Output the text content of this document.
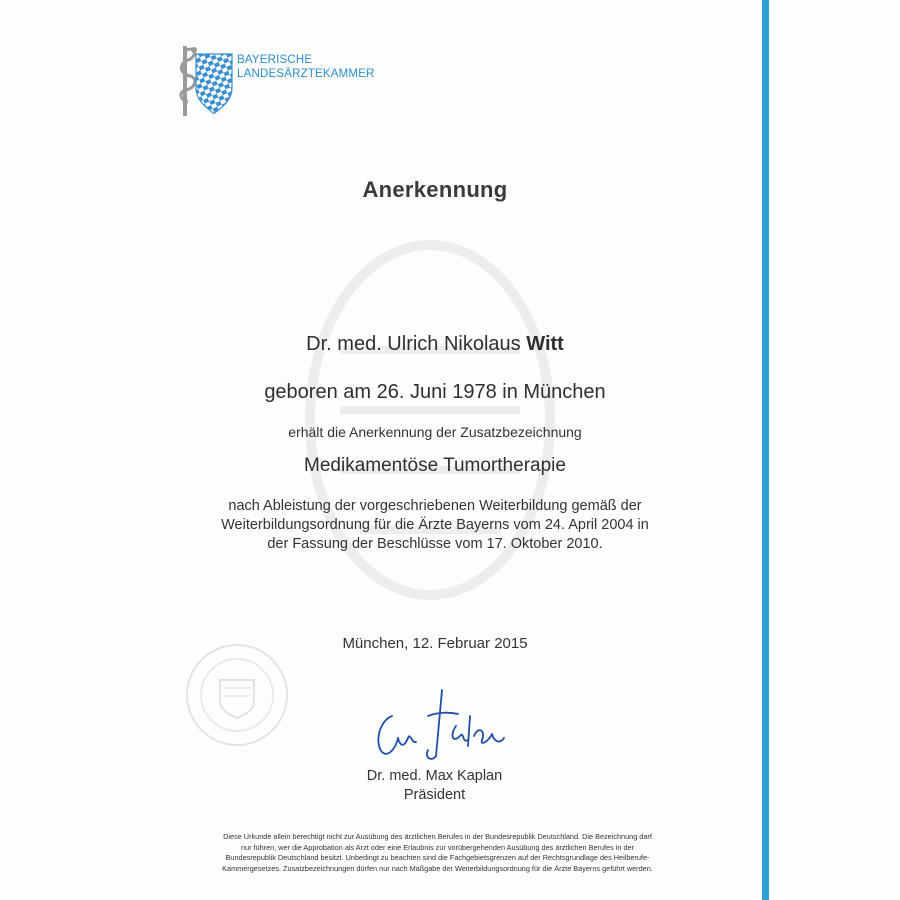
BAYERISCHE
LANDESÄRZTEKAMMER
Anerkennung
Dr. med. Ulrich Nikolaus Witt
geboren am 26. Juni 1978 in München
erhält die Anerkennung der Zusatzbezeichnung
Medikamentöse Tumortherapie
nach Ableistung der vorgeschriebenen Weiterbildung gemäß der
Weiterbildungsordnung für die Ärzte Bayerns vom 24. April 2004 in
der Fassung der Beschlüsse vom 17. Oktober 2010.
München, 12. Februar 2015
Dr. med. Max Kaplan
Präsident
Diese Urkunde allein berechtigt nicht zur Ausübung des ärztlichen Berufes in der Bundesrepublik Deutschland. Die Bezeichnung darf
nur führen, wer die Approbation als Arzt oder eine Erlaubnis zur vorübergehenden Ausübung des ärztlichen Berufes in der
Bundesrepublik Deutschland besitzt. Unbedingt zu beachten sind die Fachgebietsgrenzen auf der Rechtsgrundlage des Heilberufe-
Kammergesetzes. Zusatzbezeichnungen dürfen nur nach Maßgabe der Weiterbildungsordnung für die Ärzte Bayerns geführt werden.
